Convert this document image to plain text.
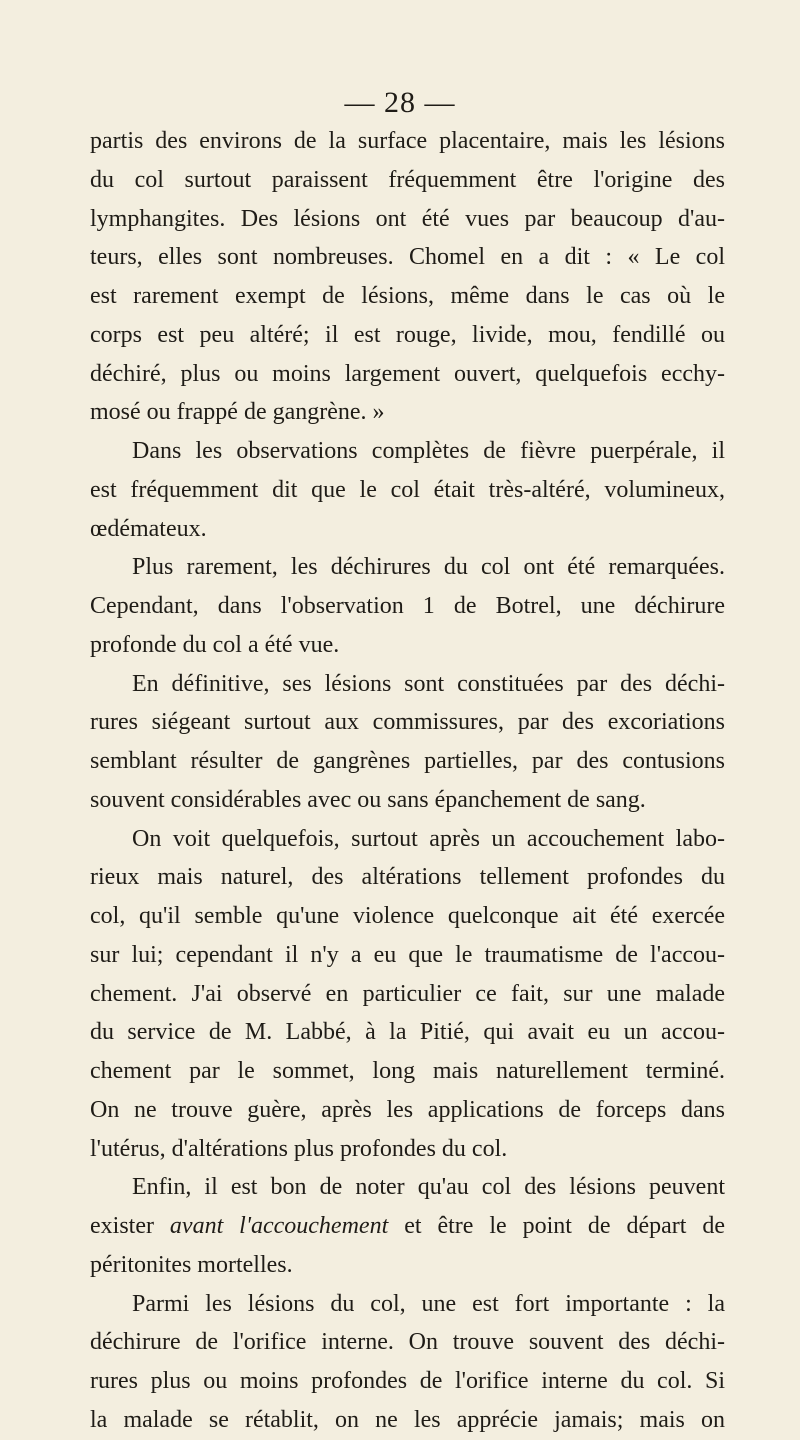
— 28 —
partis des environs de la surface placentaire, mais les lésions
du col surtout paraissent fréquemment être l'origine des
lymphangites. Des lésions ont été vues par beaucoup d'au-
teurs, elles sont nombreuses. Chomel en a dit : « Le col
est rarement exempt de lésions, même dans le cas où le
corps est peu altéré; il est rouge, livide, mou, fendillé ou
déchiré, plus ou moins largement ouvert, quelquefois ecchy-
mosé ou frappé de gangrène. »
Dans les observations complètes de fièvre puerpérale, il
est fréquemment dit que le col était très-altéré, volumineux,
œdémateux.
Plus rarement, les déchirures du col ont été remarquées.
Cependant, dans l'observation 1 de Botrel, une déchirure
profonde du col a été vue.
En définitive, ses lésions sont constituées par des déchi-
rures siégeant surtout aux commissures, par des excoriations
semblant résulter de gangrènes partielles, par des contusions
souvent considérables avec ou sans épanchement de sang.
On voit quelquefois, surtout après un accouchement labo-
rieux mais naturel, des altérations tellement profondes du
col, qu'il semble qu'une violence quelconque ait été exercée
sur lui; cependant il n'y a eu que le traumatisme de l'accou-
chement. J'ai observé en particulier ce fait, sur une malade
du service de M. Labbé, à la Pitié, qui avait eu un accou-
chement par le sommet, long mais naturellement terminé.
On ne trouve guère, après les applications de forceps dans
l'utérus, d'altérations plus profondes du col.
Enfin, il est bon de noter qu'au col des lésions peuvent
exister avant l'accouchement et être le point de départ de
péritonites mortelles.
Parmi les lésions du col, une est fort importante : la
déchirure de l'orifice interne. On trouve souvent des déchi-
rures plus ou moins profondes de l'orifice interne du col. Si
la malade se rétablit, on ne les apprécie jamais; mais on
